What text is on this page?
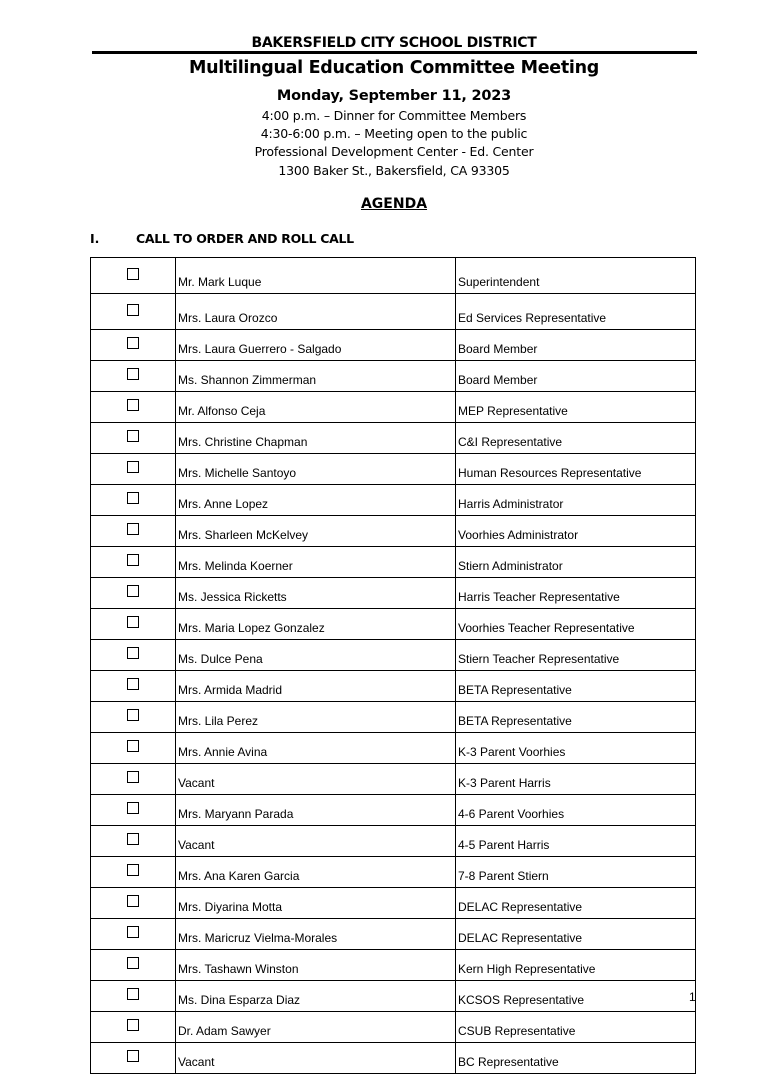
BAKERSFIELD CITY SCHOOL DISTRICT
Multilingual Education Committee Meeting
Monday, September 11, 2023
4:00 p.m. – Dinner for Committee Members
4:30-6:00 p.m. – Meeting open to the public
Professional Development Center - Ed. Center
1300 Baker St., Bakersfield, CA 93305
AGENDA
I.	CALL TO ORDER AND ROLL CALL
	Mr. Mark Luque	Superintendent
	Mrs. Laura Orozco	Ed Services Representative
	Mrs. Laura Guerrero - Salgado	Board Member
	Ms. Shannon Zimmerman	Board Member
	Mr. Alfonso Ceja	MEP Representative
	Mrs. Christine Chapman	C&I Representative
	Mrs. Michelle Santoyo	Human Resources Representative
	Mrs. Anne Lopez	Harris Administrator
	Mrs. Sharleen McKelvey	Voorhies Administrator
	Mrs. Melinda Koerner	Stiern Administrator
	Ms. Jessica Ricketts	Harris Teacher Representative
	Mrs. Maria Lopez Gonzalez	Voorhies Teacher Representative
	Ms. Dulce Pena	Stiern Teacher Representative
	Mrs. Armida Madrid	BETA Representative
	Mrs. Lila Perez	BETA Representative
	Mrs. Annie Avina	K-3 Parent Voorhies
	Vacant	K-3 Parent Harris
	Mrs. Maryann Parada	4-6 Parent Voorhies
	Vacant	4-5 Parent Harris
	Mrs. Ana Karen Garcia	7-8 Parent Stiern
	Mrs. Diyarina Motta	DELAC Representative
	Mrs. Maricruz Vielma-Morales	DELAC Representative
	Mrs. Tashawn Winston	Kern High Representative
	Ms. Dina Esparza Diaz	KCSOS Representative
	Dr. Adam Sawyer	CSUB Representative
	Vacant	BC Representative
1
